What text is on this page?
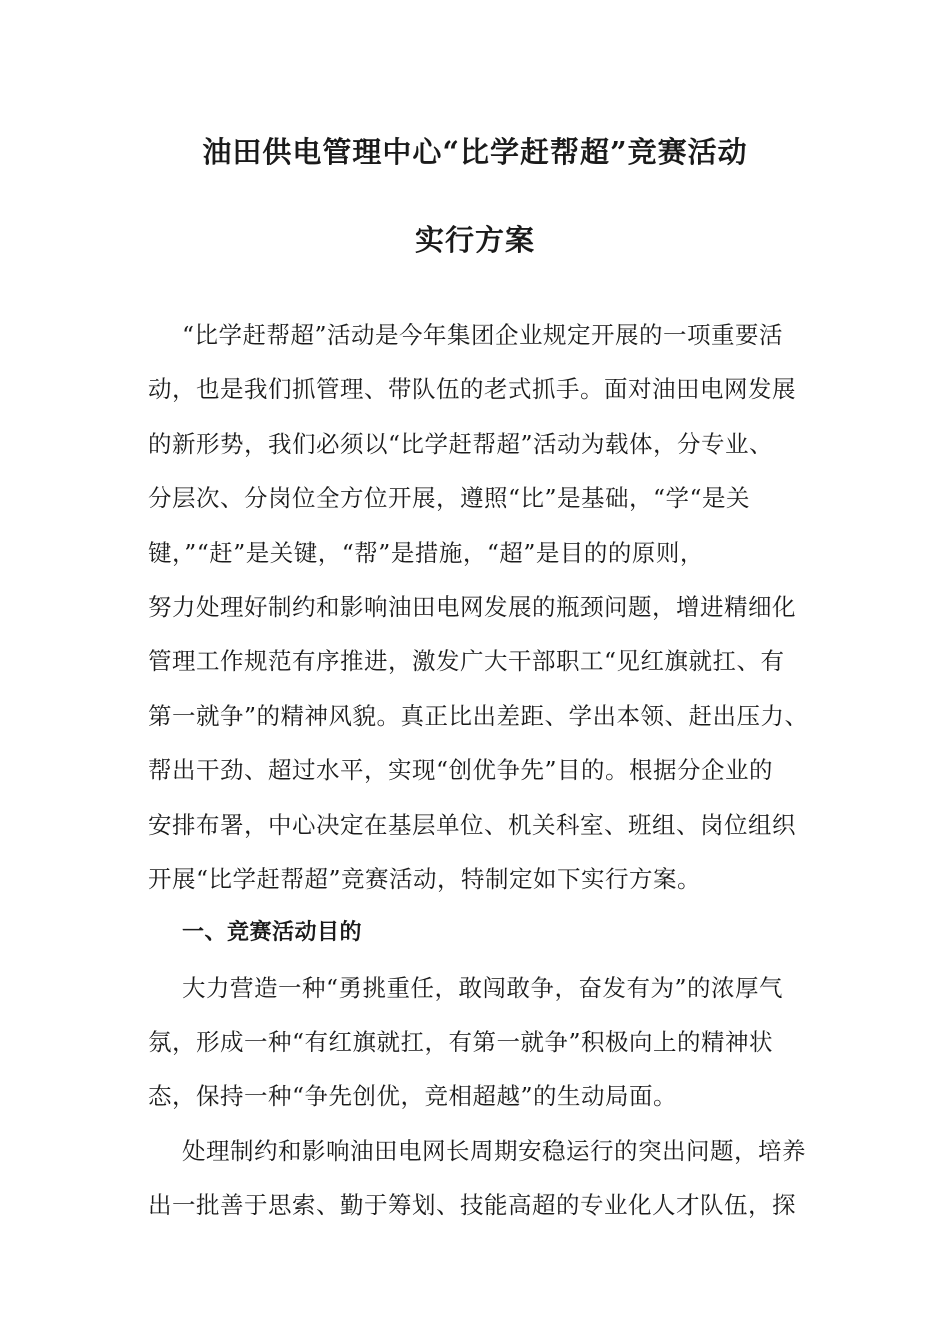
油田供电管理中心“比学赶帮超”竞赛活动
实行方案
“比学赶帮超”活动是今年集团企业规定开展的一项重要活
动，也是我们抓管理、带队伍的老式抓手。面对油田电网发展
的新形势，我们必须以“比学赶帮超”活动为载体，分专业、
分层次、分岗位全方位开展，遵照“比”是基础，“学“是关
键，”“赶”是关键，“帮”是措施，“超”是目的的原则，
努力处理好制约和影响油田电网发展的瓶颈问题，增进精细化
管理工作规范有序推进，激发广大干部职工“见红旗就扛、有
第一就争”的精神风貌。真正比出差距、学出本领、赶出压力、
帮出干劲、超过水平，实现“创优争先”目的。根据分企业的
安排布署，中心决定在基层单位、机关科室、班组、岗位组织
开展“比学赶帮超”竞赛活动，特制定如下实行方案。
一、竞赛活动目的
大力营造一种“勇挑重任，敢闯敢争，奋发有为”的浓厚气
氛，形成一种“有红旗就扛，有第一就争”积极向上的精神状
态，保持一种“争先创优，竞相超越”的生动局面。
处理制约和影响油田电网长周期安稳运行的突出问题，培养
出一批善于思索、勤于筹划、技能高超的专业化人才队伍，探
